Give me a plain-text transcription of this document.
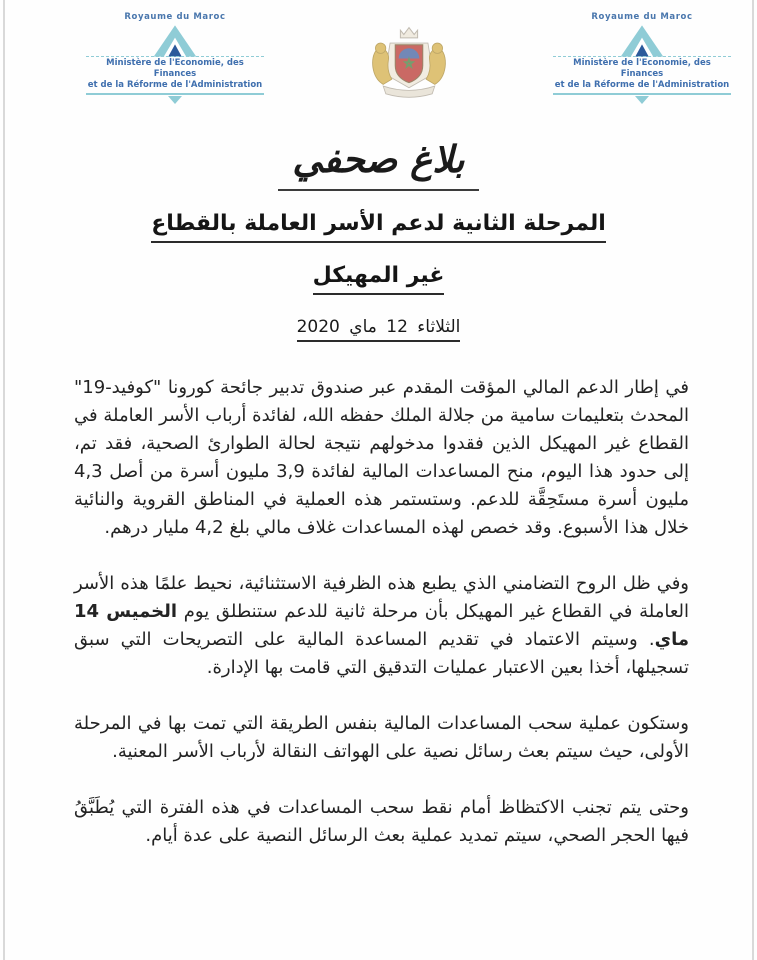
Royaume du Maroc
Ministère de l'Economie, des Finances
et de la Réforme de l'Administration
Royaume du Maroc
Ministère de l'Economie, des Finances
et de la Réforme de l'Administration
بلاغ صحفي
المرحلة الثانية لدعم الأسر العاملة بالقطاع
غير المهيكل
الثلاثاء 12 ماي 2020

في إطار الدعم المالي المؤقت المقدم عبر صندوق تدبير جائحة كورونا "كوفيد-19" المحدث بتعليمات سامية من جلالة الملك حفظه الله، لفائدة أرباب الأسر العاملة في القطاع غير المهيكل الذين فقدوا مدخولهم نتيجة لحالة الطوارئ الصحية، فقد تم، إلى حدود هذا اليوم، منح المساعدات المالية لفائدة 3,9 مليون أسرة من أصل 4,3 مليون أسرة مستَحِقَّة للدعم. وستستمر هذه العملية في المناطق القروية والنائية خلال هذا الأسبوع. وقد خصص لهذه المساعدات غلاف مالي بلغ 4,2 مليار درهم.

وفي ظل الروح التضامني الذي يطبع هذه الظرفية الاستثنائية، نحيط علمًا هذه الأسر العاملة في القطاع غير المهيكل بأن مرحلة ثانية للدعم ستنطلق يوم الخميس 14 ماي. وسيتم الاعتماد في تقديم المساعدة المالية على التصريحات التي سبق تسجيلها، أخذا بعين الاعتبار عمليات التدقيق التي قامت بها الإدارة.

وستكون عملية سحب المساعدات المالية بنفس الطريقة التي تمت بها في المرحلة الأولى، حيث سيتم بعث رسائل نصية على الهواتف النقالة لأرباب الأسر المعنية.

وحتى يتم تجنب الاكتظاظ أمام نقط سحب المساعدات في هذه الفترة التي يُطَبَّقُ فيها الحجر الصحي، سيتم تمديد عملية بعث الرسائل النصية على عدة أيام.
